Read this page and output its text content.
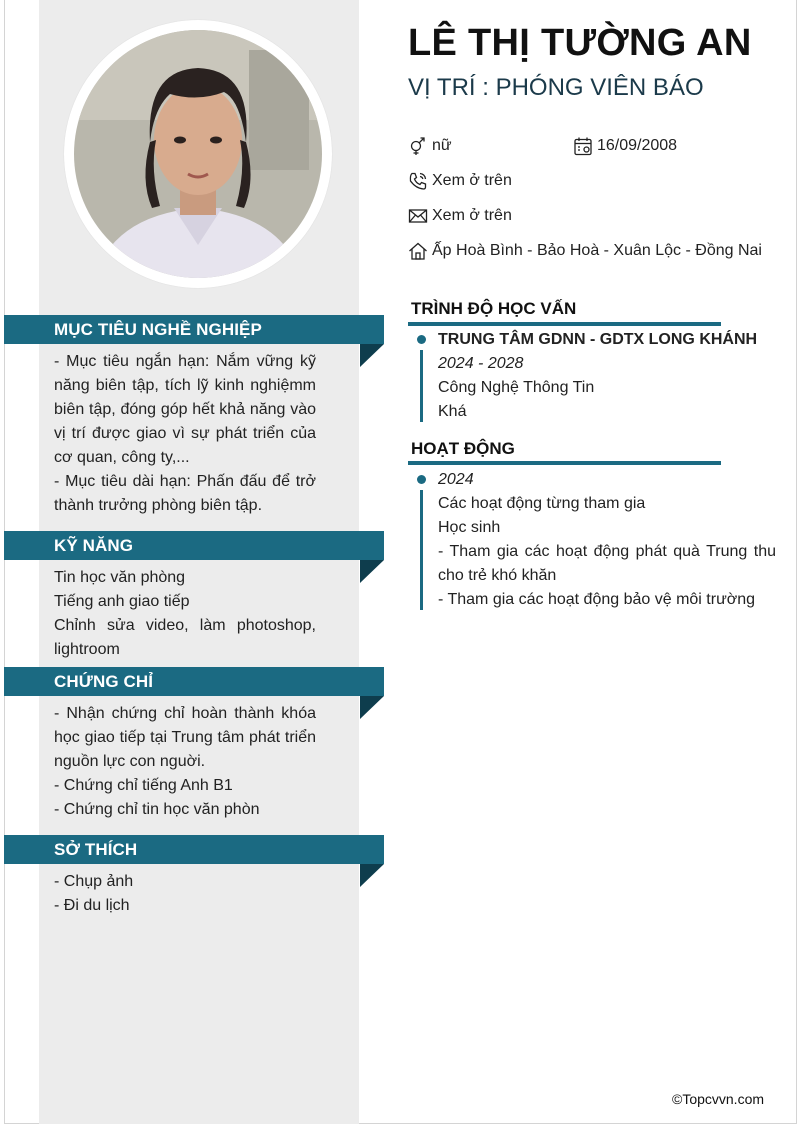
MỤC TIÊU NGHỀ NGHIỆP

- Mục tiêu ngắn hạn: Nắm vững kỹ năng biên tập, tích lỹ kinh nghiệmm biên tập, đóng góp hết khả năng vào vị trí được giao vì sự phát triển của cơ quan, công ty,...

- Mục tiêu dài hạn: Phấn đấu để trở thành trưởng phòng biên tập.

KỸ NĂNG

Tin học văn phòng

Tiếng anh giao tiếp

Chỉnh sửa video, làm photoshop, lightroom

CHỨNG CHỈ

- Nhận chứng chỉ hoàn thành khóa học giao tiếp tại Trung tâm phát triển nguồn lực con nguời.

- Chứng chỉ tiếng Anh B1

- Chứng chỉ tin học văn phòn

SỞ THÍCH

- Chụp ảnh

- Đi du lịch

LÊ THỊ TƯỜNG AN
VỊ TRÍ : PHÓNG VIÊN BÁO
nữ	16/09/2008
Xem ở trên
Xem ở trên
Ấp Hoà Bình - Bảo Hoà - Xuân Lộc - Đồng Nai
TRÌNH ĐỘ HỌC VẤN
TRUNG TÂM GDNN - GDTX LONG KHÁNH
2024 - 2028
Công Nghệ Thông Tin
Khá
HOẠT ĐỘNG
2024
Các hoạt động từng tham gia
Học sinh
- Tham gia các hoạt động phát quà Trung thu cho trẻ khó khăn
- Tham gia các hoạt động bảo vệ môi trường
©Topcvvn.com
